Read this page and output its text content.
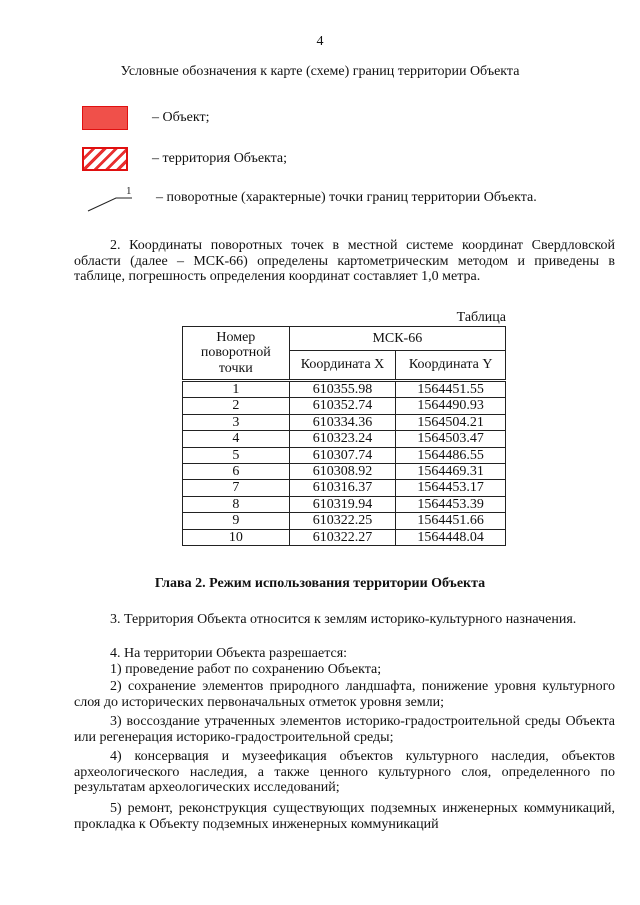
4
Условные обозначения к карте (схеме) границ территории Объекта
– Объект;
– территория Объекта;
1 – поворотные (характерные) точки границ территории Объекта.
2. Координаты поворотных точек в местной системе координат Свердловской области (далее – МСК-66) определены картометрическим методом и приведены в таблице, погрешность определения координат составляет 1,0 метра.
Таблица
Номер поворотной точки	МСК-66	
	Координата X	Координата Y
1	610355.98	1564451.55
2	610352.74	1564490.93
3	610334.36	1564504.21
4	610323.24	1564503.47
5	610307.74	1564486.55
6	610308.92	1564469.31
7	610316.37	1564453.17
8	610319.94	1564453.39
9	610322.25	1564451.66
10	610322.27	1564448.04
Глава 2. Режим использования территории Объекта
3. Территория Объекта относится к землям историко-культурного назначения.
4. На территории Объекта разрешается:
1) проведение работ по сохранению Объекта;
2) сохранение элементов природного ландшафта, понижение уровня культурного слоя до исторических первоначальных отметок уровня земли;
3) воссоздание утраченных элементов историко-градостроительной среды Объекта или регенерация историко-градостроительной среды;
4) консервация и музеефикация объектов культурного наследия, объектов археологического наследия, а также ценного культурного слоя, определенного по результатам археологических исследований;
5) ремонт, реконструкция существующих подземных инженерных коммуникаций, прокладка к Объекту подземных инженерных коммуникаций
